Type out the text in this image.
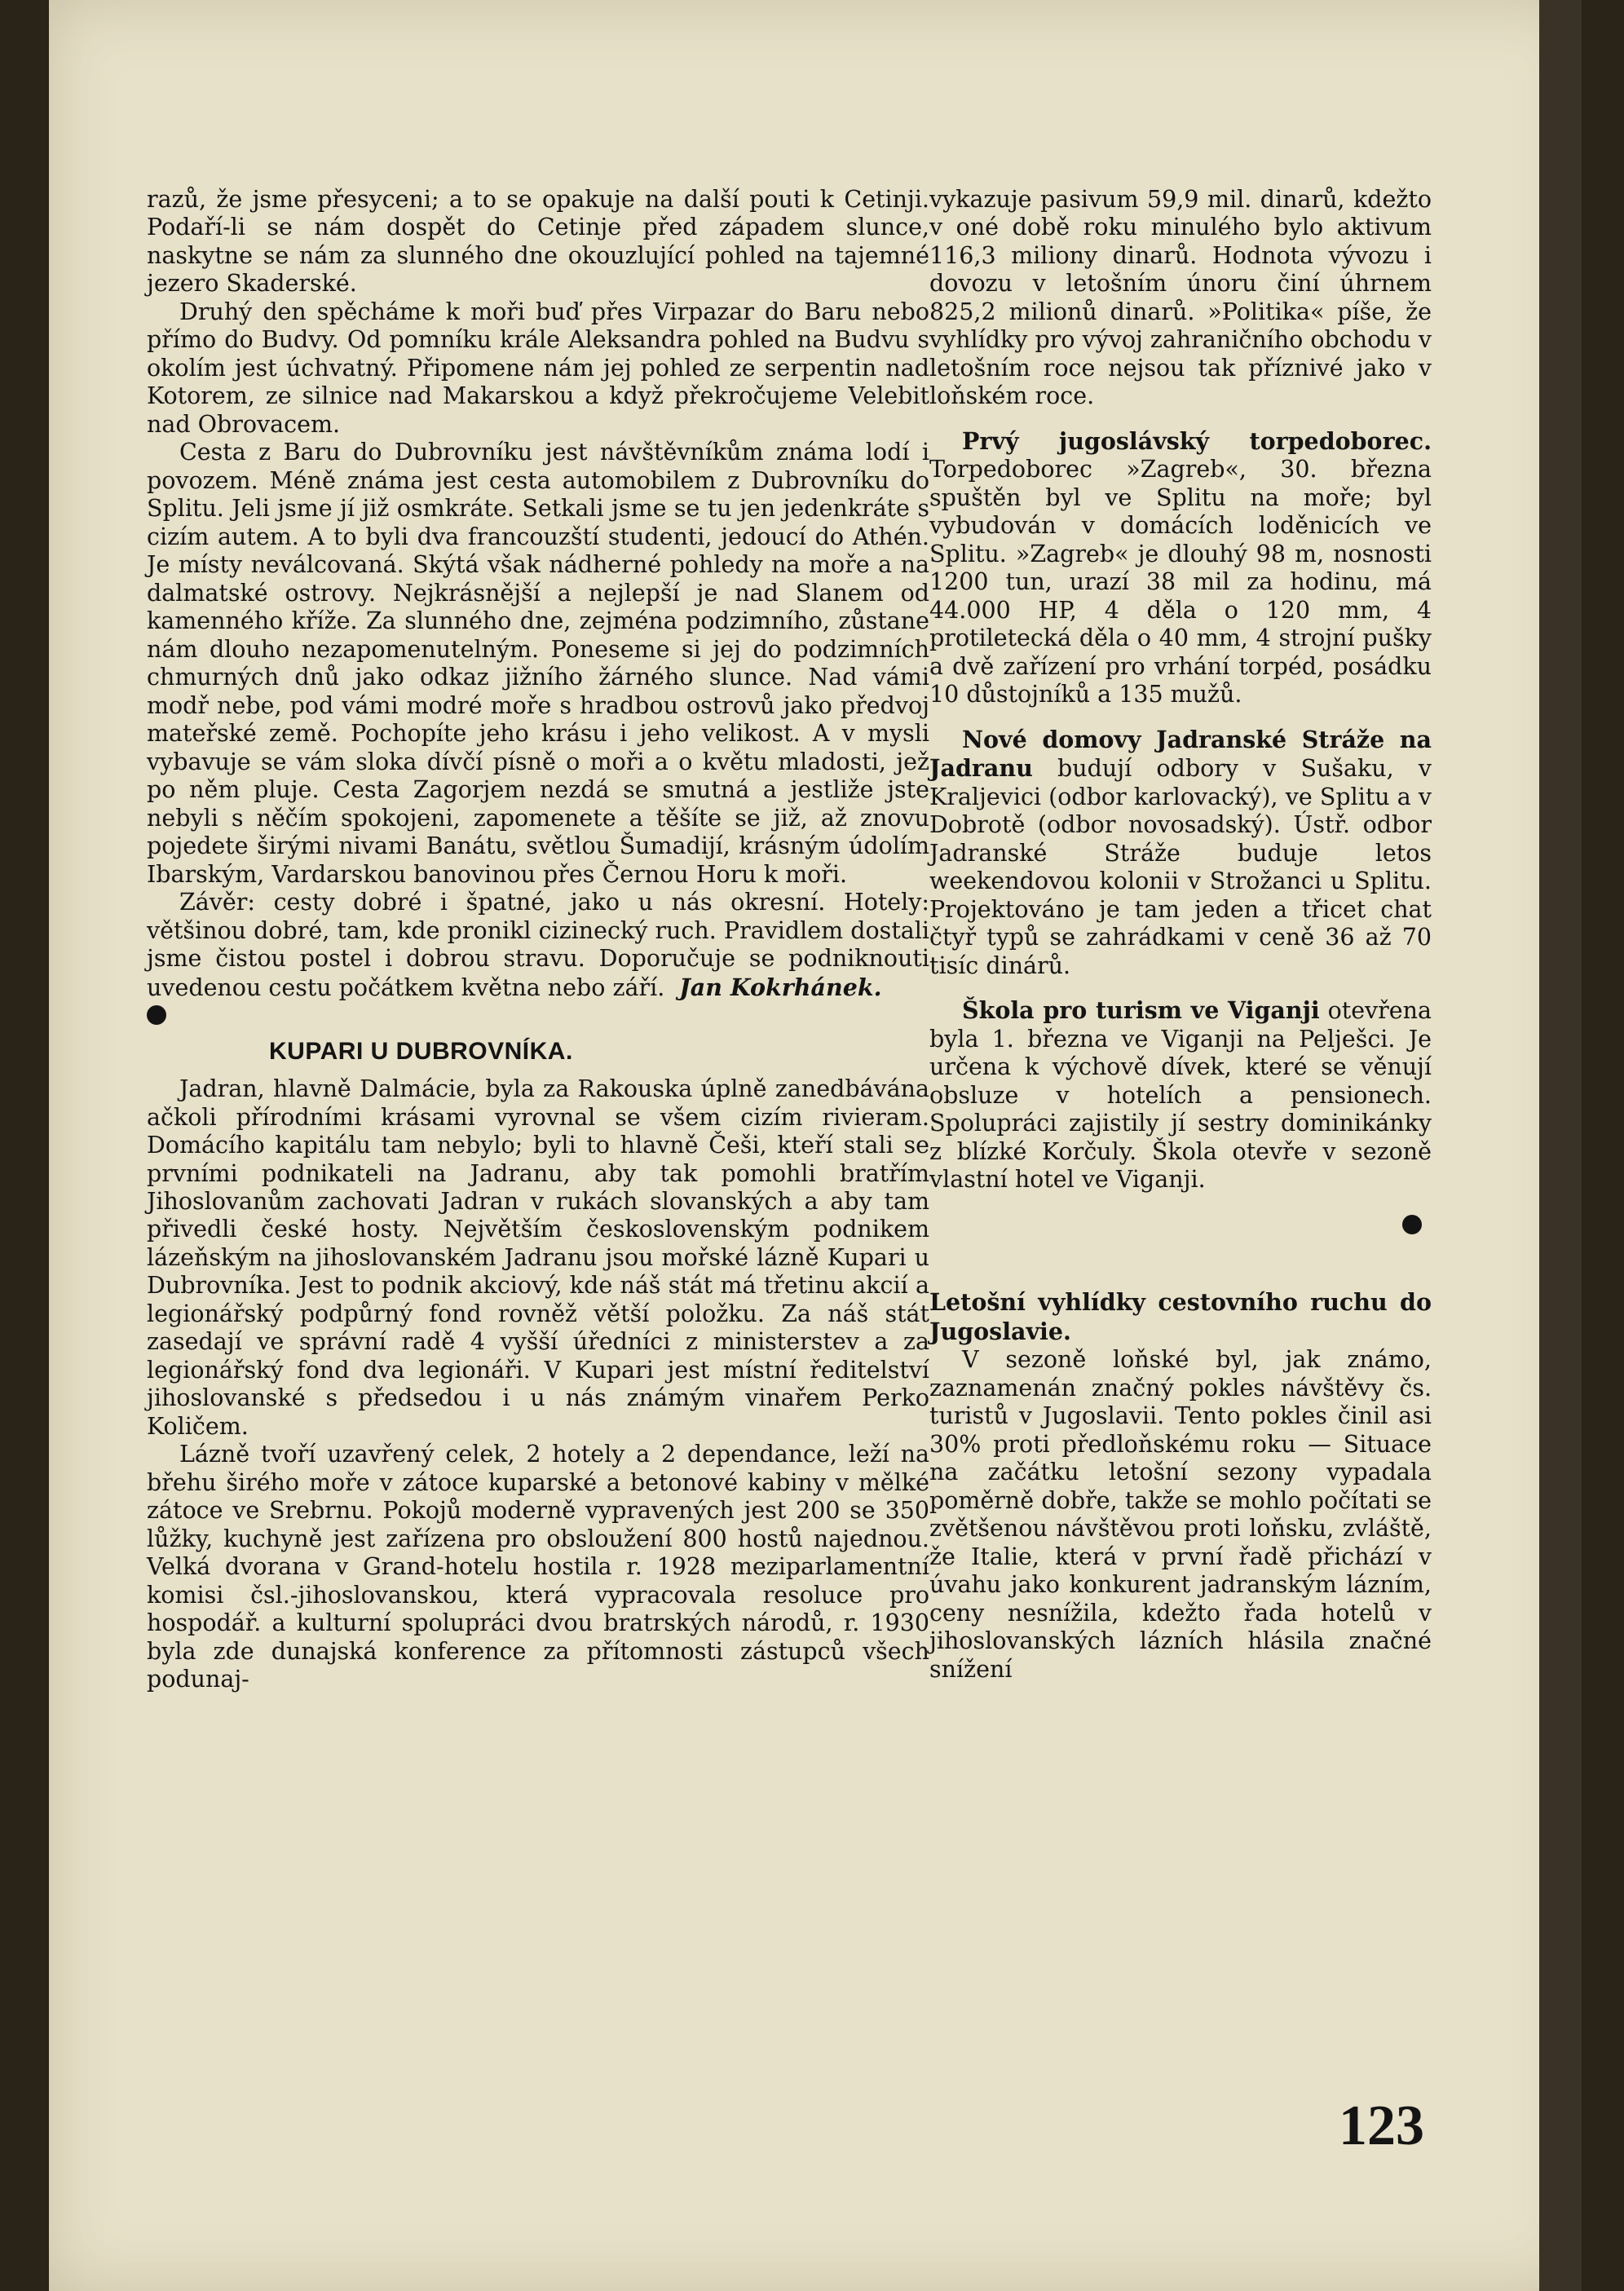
razů, že jsme přesyceni; a to se opakuje na další pouti k Cetinji. Podaří-li se nám dospět do Cetinje před západem slunce, naskytne se nám za slunného dne okouzlující pohled na tajemné jezero Skaderské.

Druhý den spěcháme k moři buď přes Virpazar do Baru nebo přímo do Budvy. Od pomníku krále Aleksandra pohled na Budvu s okolím jest úchvatný. Připomene nám jej pohled ze serpentin nad Kotorem, ze silnice nad Makarskou a když překročujeme Velebit nad Obrovacem.

Cesta z Baru do Dubrovníku jest návštěvníkům známa lodí i povozem. Méně známa jest cesta automobilem z Dubrovníku do Splitu. Jeli jsme jí již osmkráte. Setkali jsme se tu jen jedenkráte s cizím autem. A to byli dva francouzští studenti, jedoucí do Athén. Je místy neválcovaná. Skýtá však nádherné pohledy na moře a na dalmatské ostrovy. Nejkrásnější a nejlepší je nad Slanem od kamenného kříže. Za slunného dne, zejména podzimního, zůstane nám dlouho nezapomenutelným. Poneseme si jej do podzimních chmurných dnů jako odkaz jižního žárného slunce. Nad vámi modř nebe, pod vámi modré moře s hradbou ostrovů jako předvoj mateřské země. Pochopíte jeho krásu i jeho velikost. A v mysli vybavuje se vám sloka dívčí písně o moři a o květu mladosti, jež po něm pluje. Cesta Zagorjem nezdá se smutná a jestliže jste nebyli s něčím spokojeni, zapomenete a těšíte se již, až znovu pojedete širými nivami Banátu, světlou Šumadijí, krásným údolím Ibarským, Vardarskou banovinou přes Černou Horu k moři.

Závěr: cesty dobré i špatné, jako u nás okresní. Hotely: většinou dobré, tam, kde pronikl cizinecký ruch. Pravidlem dostali jsme čistou postel i dobrou stravu. Doporučuje se podniknouti uvedenou cestu počátkem května nebo září. Jan Kokrhánek.

KUPARI U DUBROVNÍKA.

Jadran, hlavně Dalmácie, byla za Rakouska úplně zanedbávána ačkoli přírodními krásami vyrovnal se všem cizím rivieram. Domácího kapitálu tam nebylo; byli to hlavně Češi, kteří stali se prvními podnikateli na Jadranu, aby tak pomohli bratřím Jihoslovanům zachovati Jadran v rukách slovanských a aby tam přivedli české hosty. Největším československým podnikem lázeňským na jihoslovanském Jadranu jsou mořské lázně Kupari u Dubrovníka. Jest to podnik akciový, kde náš stát má třetinu akcií a legionářský podpůrný fond rovněž větší položku. Za náš stát zasedají ve správní radě 4 vyšší úředníci z ministerstev a za legionářský fond dva legionáři. V Kupari jest místní ředitelství jihoslovanské s předsedou i u nás známým vinařem Perko Količem.

Lázně tvoří uzavřený celek, 2 hotely a 2 dependance, leží na břehu širého moře v zátoce kuparské a betonové kabiny v mělké zátoce ve Srebrnu. Pokojů moderně vypravených jest 200 se 350 lůžky, kuchyně jest zařízena pro obsloužení 800 hostů najednou. Velká dvorana v Grand-hotelu hostila r. 1928 meziparlamentní komisi čsl.-jihoslovanskou, která vypracovala resoluce pro hospodář. a kulturní spolupráci dvou bratrských národů, r. 1930 byla zde dunajská konference za přítomnosti zástupců všech podunaj-

vykazuje pasivum 59,9 mil. dinarů, kdežto v oné době roku minulého bylo aktivum 116,3 miliony dinarů. Hodnota vývozu i dovozu v letošním únoru činí úhrnem 825,2 milionů dinarů. »Politika« píše, že vyhlídky pro vývoj zahraničního obchodu v letošním roce nejsou tak příznivé jako v loňském roce.

Prvý jugoslávský torpedoborec. Torpedoborec »Zagreb«, 30. března spuštěn byl ve Splitu na moře; byl vybudován v domácích loděnicích ve Splitu. »Zagreb« je dlouhý 98 m, nosnosti 1200 tun, urazí 38 mil za hodinu, má 44.000 HP, 4 děla o 120 mm, 4 protiletecká děla o 40 mm, 4 strojní pušky a dvě zařízení pro vrhání torpéd, posádku 10 důstojníků a 135 mužů.

Nové domovy Jadranské Stráže na Jadranu budují odbory v Sušaku, v Kraljevici (odbor karlovacký), ve Splitu a v Dobrotě (odbor novosadský). Ústř. odbor Jadranské Stráže buduje letos weekendovou kolonii v Strožanci u Splitu. Projektováno je tam jeden a třicet chat čtyř typů se zahrádkami v ceně 36 až 70 tisíc dinárů.

Škola pro turism ve Viganji otevřena byla 1. března ve Viganji na Pelješci. Je určena k výchově dívek, které se věnují obsluze v hotelích a pensionech. Spolupráci zajistily jí sestry dominikánky z blízké Korčuly. Škola otevře v sezoně vlastní hotel ve Viganji.

Letošní vyhlídky cestovního ruchu do Jugoslavie.
V sezoně loňské byl, jak známo, zaznamenán značný pokles návštěvy čs. turistů v Jugoslavii. Tento pokles činil asi 30% proti předloňskému roku — Situace na začátku letošní sezony vypadala poměrně dobře, takže se mohlo počítati se zvětšenou návštěvou proti loňsku, zvláště, že Italie, která v první řadě přichází v úvahu jako konkurent jadranským lázním, ceny nesnížila, kdežto řada hotelů v jihoslovanských lázních hlásila značné snížení

123
